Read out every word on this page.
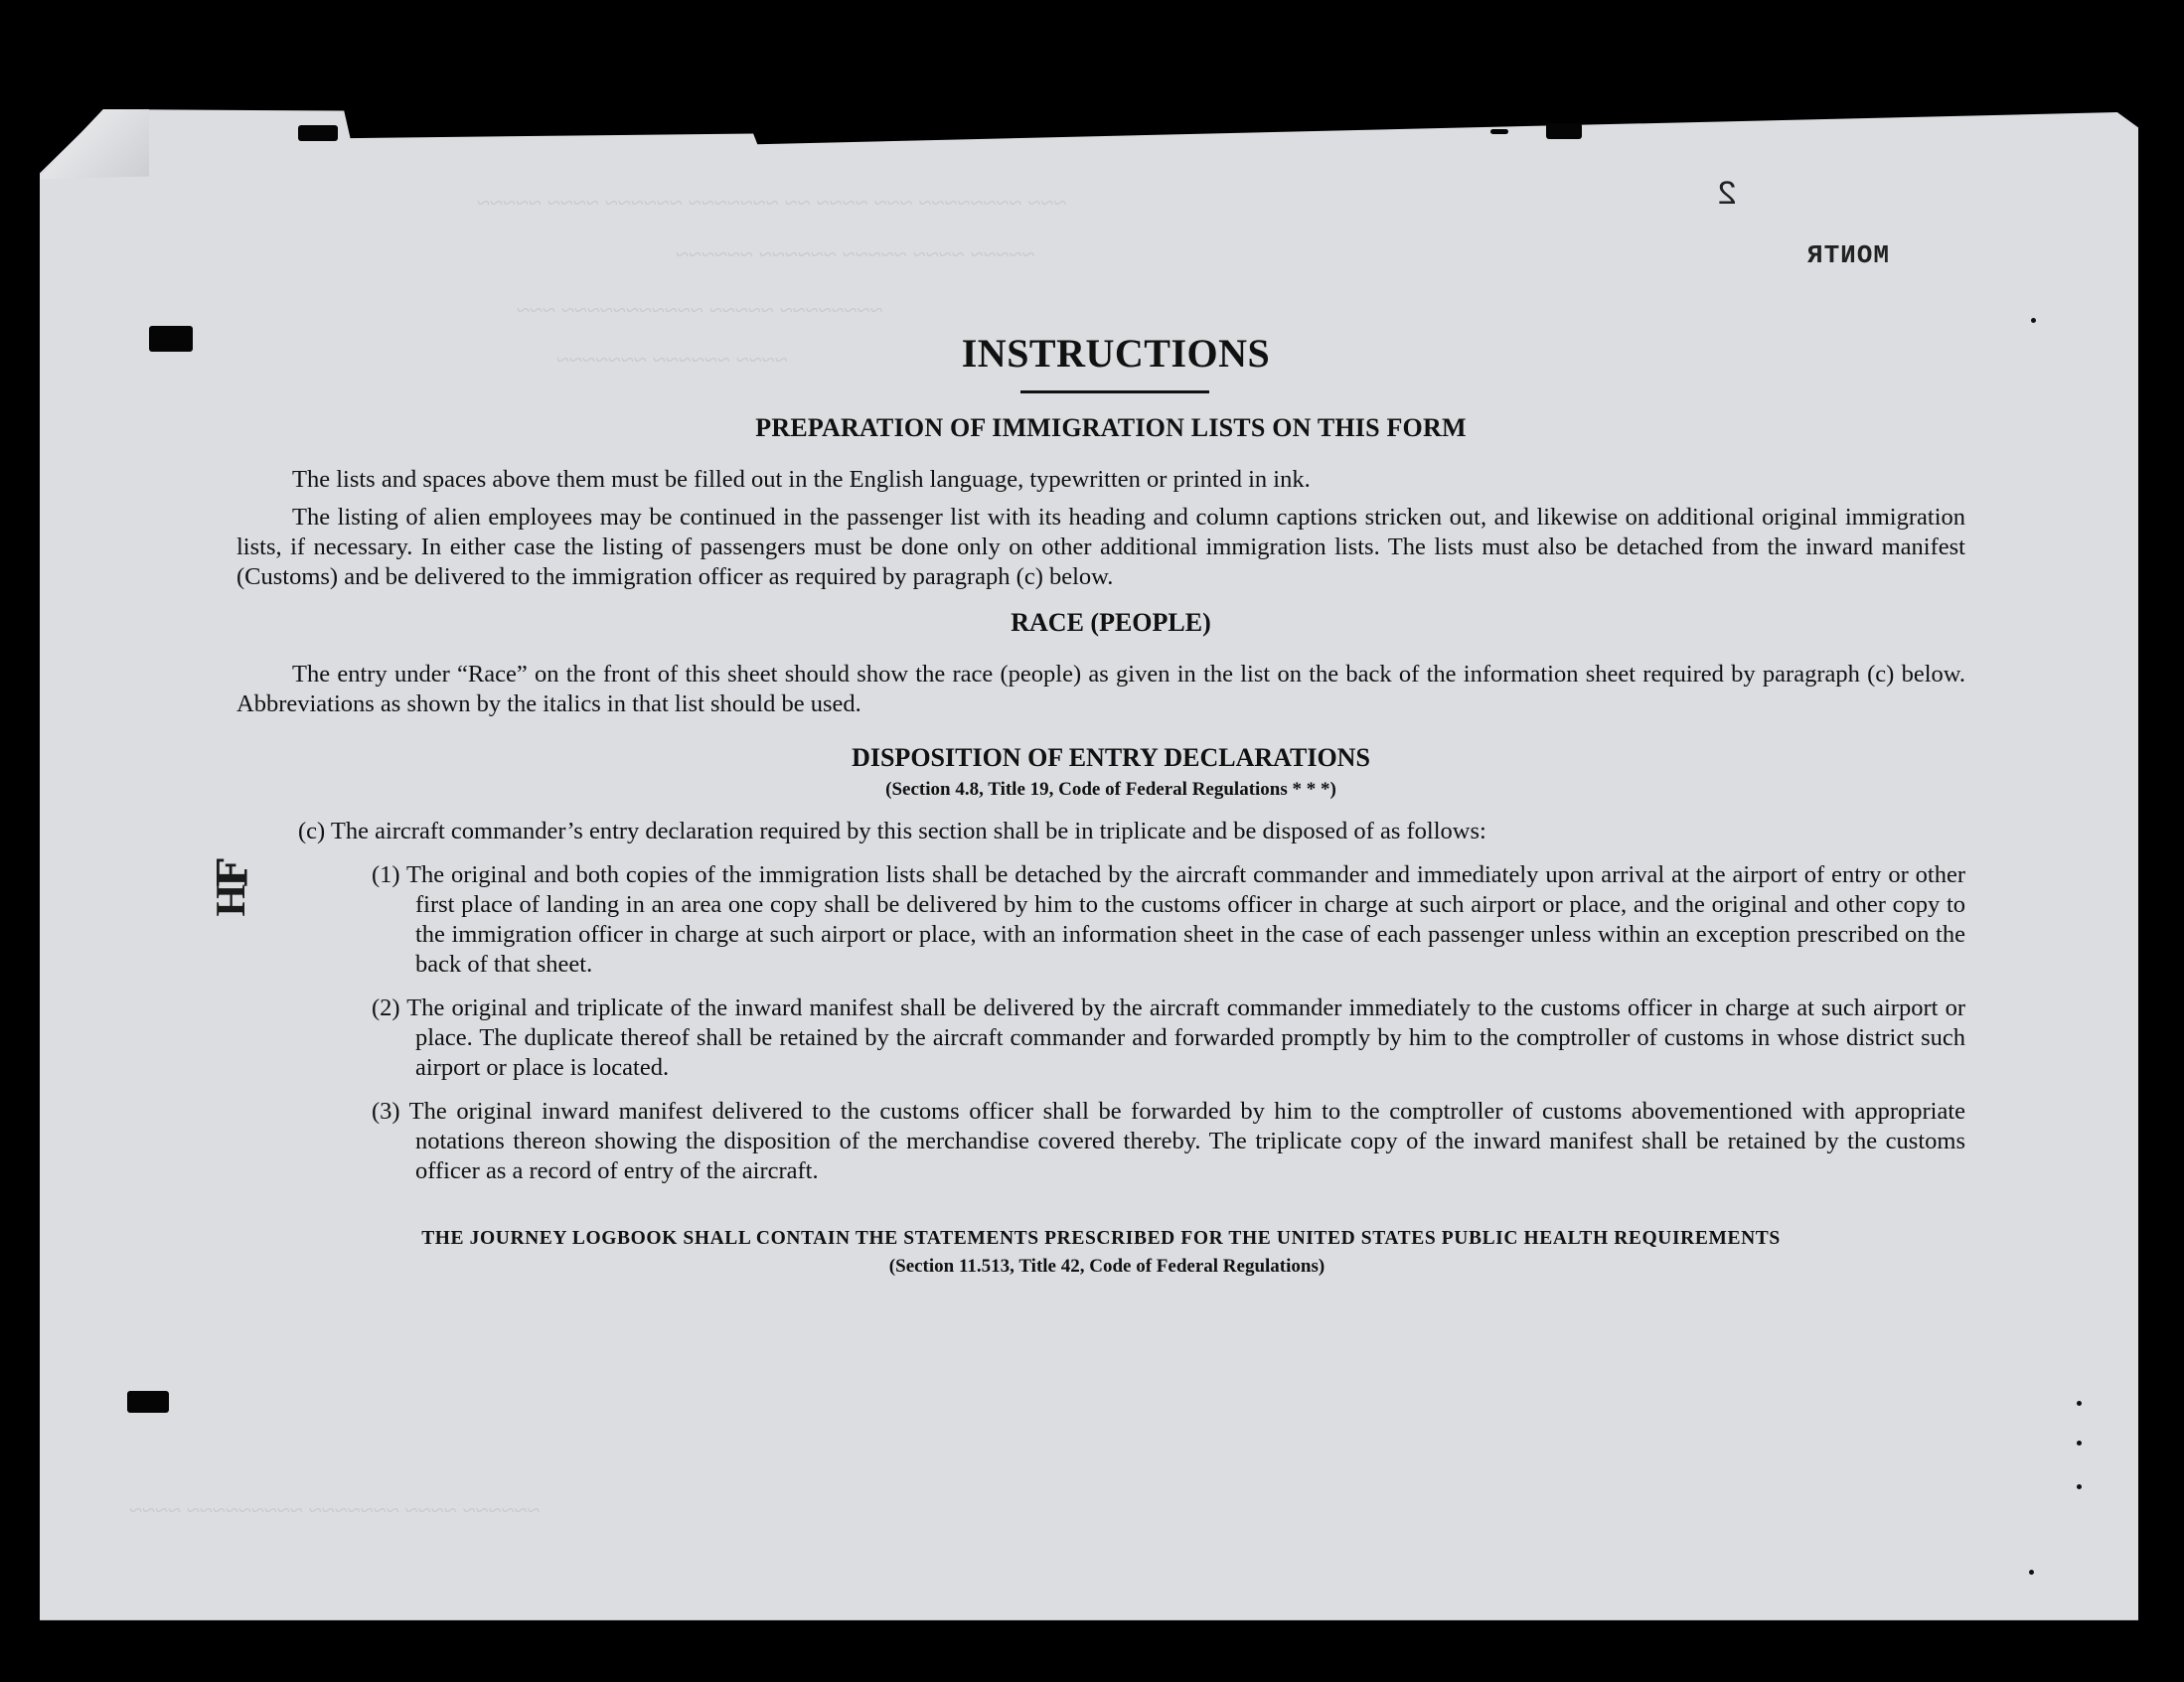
~~~ ~~~~~~~~ ~~~ ~~~~ ~~ ~~~~~~~ ~~~~~~ ~~~~ ~~~~~
~~~~~ ~~~~ ~~~~~ ~~~~~~ ~~~~~~
~~~~~~~~ ~~~~~ ~~~~~~~~~~~ ~~~
~~~~ ~~~~~~ ~~~~~~~
~~~~~~ ~~~~ ~~~~~~~ ~~~~~~~~~ ~~~~
2
MONTR
ℲH
INSTRUCTIONS
PREPARATION OF IMMIGRATION LISTS ON THIS FORM

The lists and spaces above them must be filled out in the English language, typewritten or printed in ink.

The listing of alien employees may be continued in the passenger list with its heading and column captions stricken out, and likewise on additional original immigration lists, if necessary. In either case the listing of passengers must be done only on other additional immigration lists. The lists must also be detached from the inward manifest (Customs) and be delivered to the immigration officer as required by paragraph (c) below.

RACE (PEOPLE)

The entry under “Race” on the front of this sheet should show the race (people) as given in the list on the back of the information sheet required by paragraph (c) below. Abbreviations as shown by the italics in that list should be used.

DISPOSITION OF ENTRY DECLARATIONS
(Section 4.8, Title 19, Code of Federal Regulations * * *)

(c) The aircraft commander’s entry declaration required by this section shall be in triplicate and be disposed of as follows:

(1) The original and both copies of the immigration lists shall be detached by the aircraft commander and immediately upon arrival at the airport of entry or other first place of landing in an area one copy shall be delivered by him to the customs officer in charge at such airport or place, and the original and other copy to the immigration officer in charge at such airport or place, with an information sheet in the case of each passenger unless within an exception prescribed on the back of that sheet.

(2) The original and triplicate of the inward manifest shall be delivered by the aircraft commander immediately to the customs officer in charge at such airport or place. The duplicate thereof shall be retained by the aircraft commander and forwarded promptly by him to the comptroller of customs in whose district such airport or place is located.

(3) The original inward manifest delivered to the customs officer shall be forwarded by him to the comptroller of customs abovementioned with appropriate notations thereon showing the disposition of the merchandise covered thereby. The triplicate copy of the inward manifest shall be retained by the customs officer as a record of entry of the aircraft.

THE JOURNEY LOGBOOK SHALL CONTAIN THE STATEMENTS PRESCRIBED FOR THE UNITED STATES PUBLIC HEALTH REQUIREMENTS
(Section 11.513, Title 42, Code of Federal Regulations)
